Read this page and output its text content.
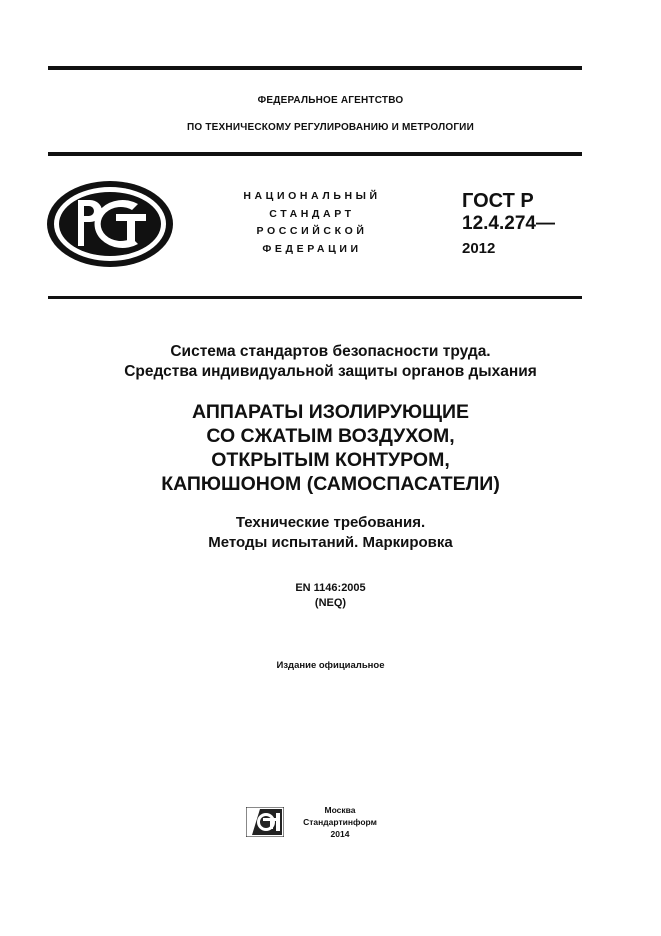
ФЕДЕРАЛЬНОЕ АГЕНТСТВО
ПО ТЕХНИЧЕСКОМУ РЕГУЛИРОВАНИЮ И МЕТРОЛОГИИ
НАЦИОНАЛЬНЫЙ
СТАНДАРТ
РОССИЙСКОЙ
ФЕДЕРАЦИИ
ГОСТ Р
12.4.274—
2012
Система стандартов безопасности труда.
Средства индивидуальной защиты органов дыхания
АППАРАТЫ ИЗОЛИРУЮЩИЕ
СО СЖАТЫМ ВОЗДУХОМ,
ОТКРЫТЫМ КОНТУРОМ,
КАПЮШОНОМ (САМОСПАСАТЕЛИ)
Технические требования.
Методы испытаний. Маркировка
EN 1146:2005
(NEQ)
Издание официальное
Москва
Стандартинформ
2014
